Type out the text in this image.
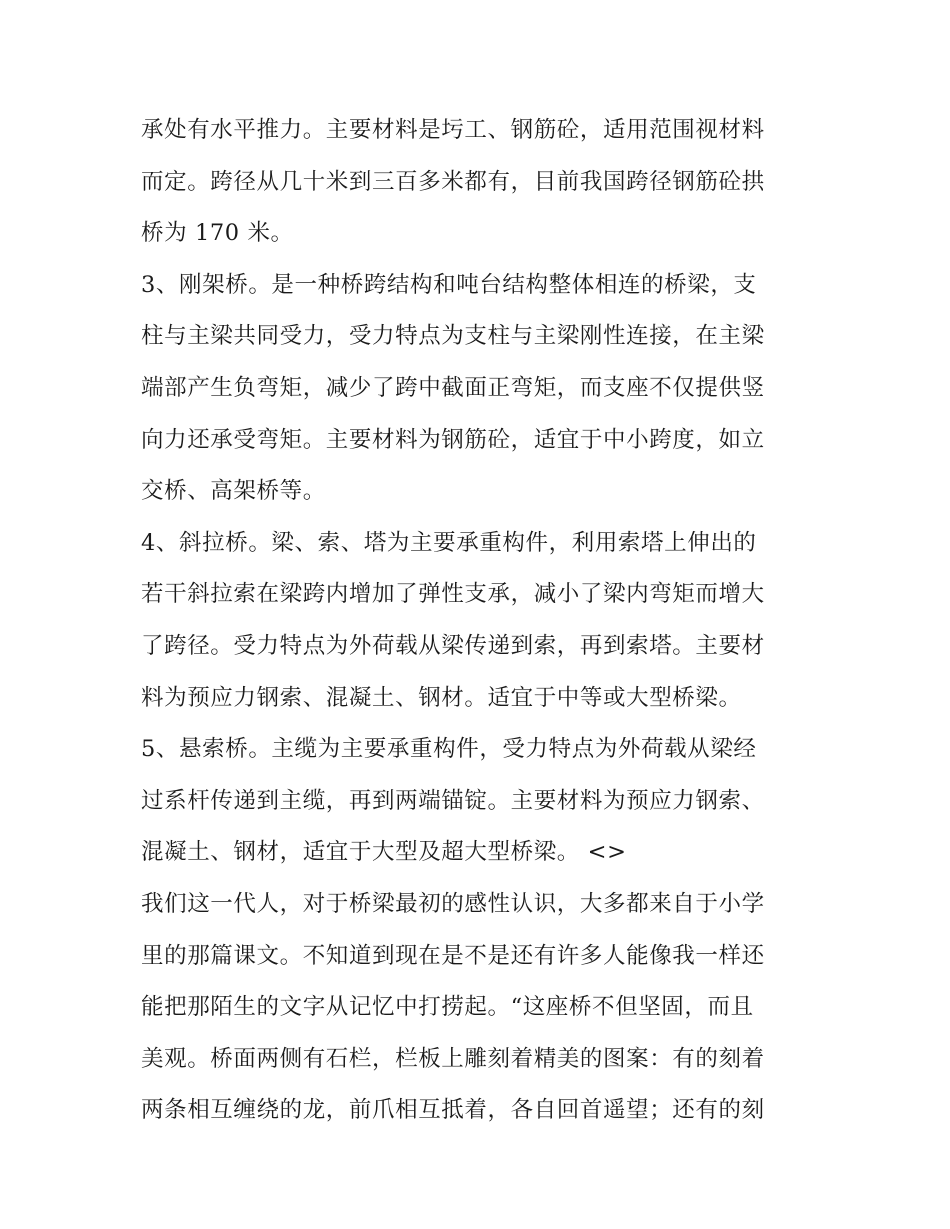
承处有水平推力。主要材料是圬工、钢筋砼，适用范围视材料
而定。跨径从几十米到三百多米都有，目前我国跨径钢筋砼拱
桥为 170 米。
3、刚架桥。是一种桥跨结构和吨台结构整体相连的桥梁，支
柱与主梁共同受力，受力特点为支柱与主梁刚性连接，在主梁
端部产生负弯矩，减少了跨中截面正弯矩，而支座不仅提供竖
向力还承受弯矩。主要材料为钢筋砼，适宜于中小跨度，如立
交桥、高架桥等。
4、斜拉桥。梁、索、塔为主要承重构件，利用索塔上伸出的
若干斜拉索在梁跨内增加了弹性支承，减小了梁内弯矩而增大
了跨径。受力特点为外荷载从梁传递到索，再到索塔。主要材
料为预应力钢索、混凝土、钢材。适宜于中等或大型桥梁。
5、悬索桥。主缆为主要承重构件，受力特点为外荷载从梁经
过系杆传递到主缆，再到两端锚锭。主要材料为预应力钢索、
混凝土、钢材，适宜于大型及超大型桥梁。 <>
我们这一代人，对于桥梁最初的感性认识，大多都来自于小学
里的那篇课文。不知道到现在是不是还有许多人能像我一样还
能把那陌生的文字从记忆中打捞起。“这座桥不但坚固，而且
美观。桥面两侧有石栏，栏板上雕刻着精美的图案：有的刻着
两条相互缠绕的龙，前爪相互抵着，各自回首遥望；还有的刻
